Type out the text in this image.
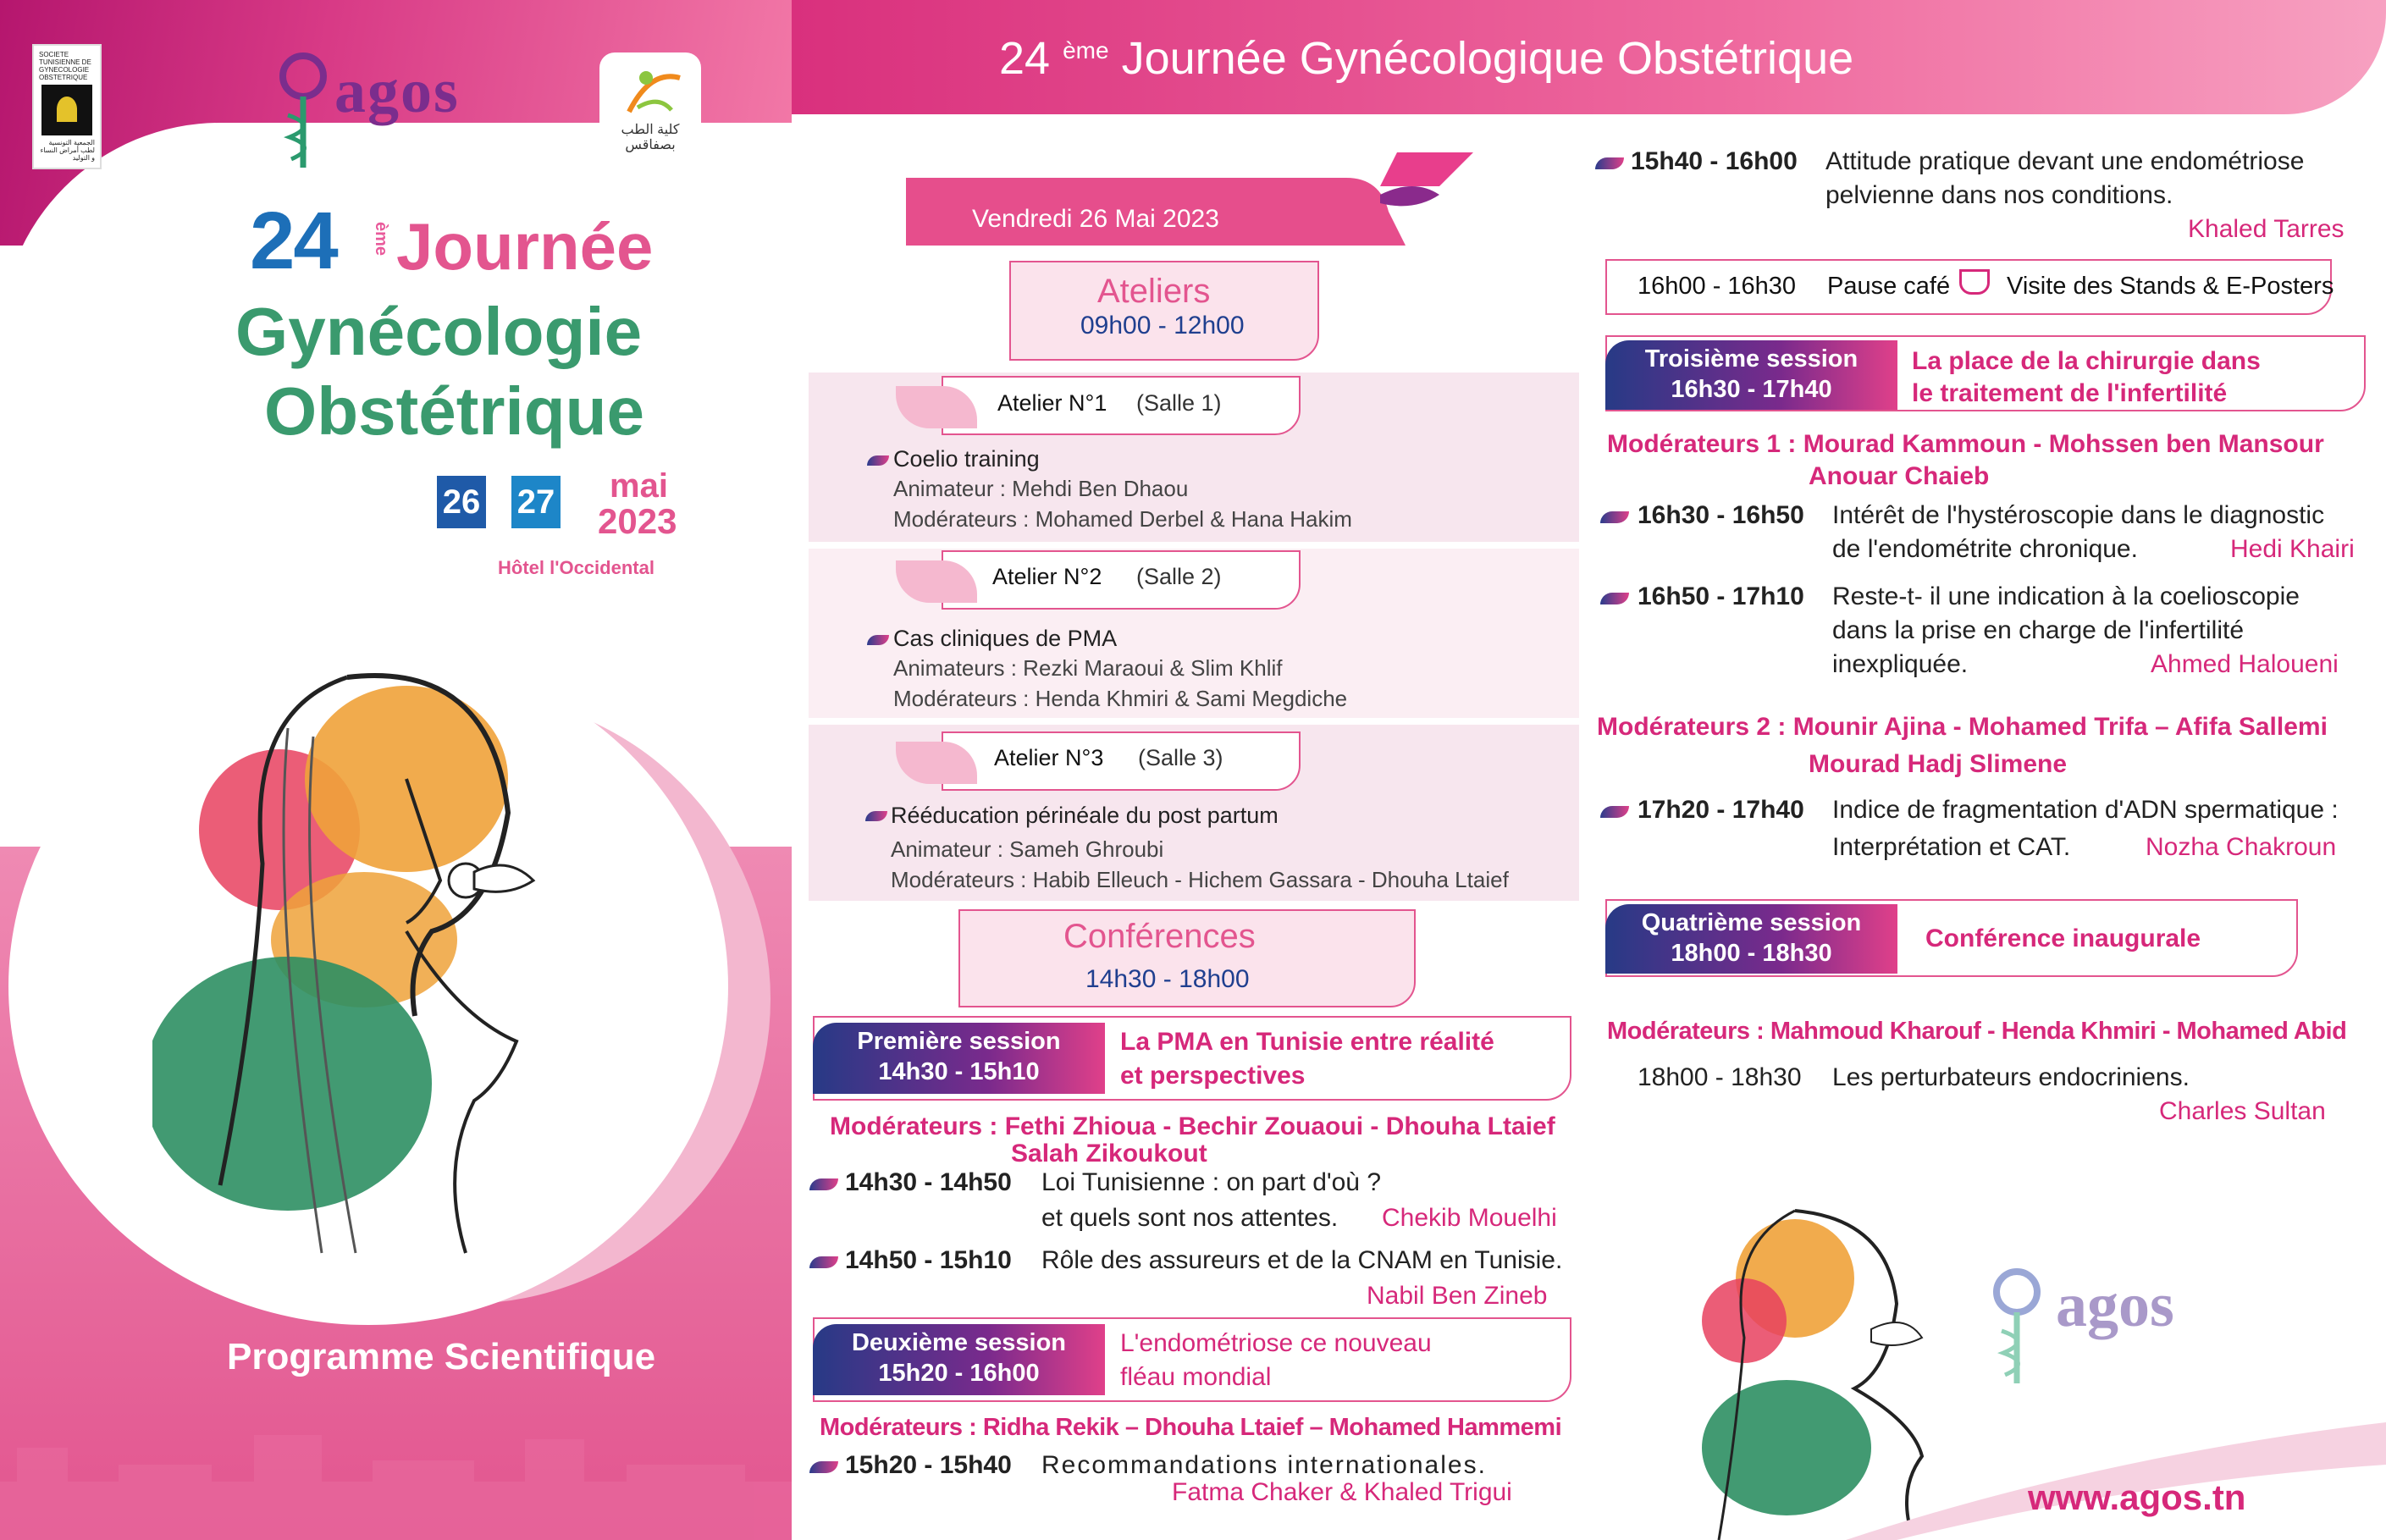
SOCIETE TUNISIENNE DE GYNECOLOGIE OBSTETRIQUE
الجمعية التونسية لطب أمراض النساء و التوليد
agos
كلية الطب بصفاقس
24 ème Journée
Gynécologie
Obstétrique
26 27 mai
2023
Hôtel l'Occidental
Programme Scientifique
24 $^{ème}$ Journée Gynécologique Obstétrique
Vendredi 26 Mai 2023
Ateliers
09h00 - 12h00
Atelier N°1 (Salle 1)
Coelio training
Animateur : Mehdi Ben Dhaou
Modérateurs : Mohamed Derbel & Hana Hakim
Atelier N°2 (Salle 2)
Cas cliniques de PMA
Animateurs : Rezki Maraoui & Slim Khlif
Modérateurs : Henda Khmiri & Sami Megdiche
Atelier N°3 (Salle 3)
Rééducation périnéale du post partum
Animateur : Sameh Ghroubi
Modérateurs : Habib Elleuch - Hichem Gassara - Dhouha Ltaief
Conférences
14h30 - 18h00
Première session
14h30 - 15h10
La PMA en Tunisie entre réalité
et perspectives
Modérateurs : Fethi Zhioua - Bechir Zouaoui - Dhouha Ltaief
Salah Zikoukout
14h30 - 14h50 Loi Tunisienne : on part d'où ?
et quels sont nos attentes. Chekib Mouelhi
14h50 - 15h10 Rôle des assureurs et de la CNAM en Tunisie.
Nabil Ben Zineb
Deuxième session
15h20 - 16h00
L'endométriose ce nouveau
fléau mondial
Modérateurs : Ridha Rekik – Dhouha Ltaief – Mohamed Hammemi
15h20 - 15h40 Recommandations internationales.
Fatma Chaker & Khaled Trigui
15h40 - 16h00 Attitude pratique devant une endométriose
pelvienne dans nos conditions.
Khaled Tarres
16h00 - 16h30 Pause café Visite des Stands & E-Posters
Troisième session
16h30 - 17h40
La place de la chirurgie dans
le traitement de l'infertilité
Modérateurs 1 : Mourad Kammoun - Mohssen ben Mansour
Anouar Chaieb
16h30 - 16h50 Intérêt de l'hystéroscopie dans le diagnostic
de l'endométrite chronique.	Hedi Khairi
16h50 - 17h10 Reste-t- il une indication à la coelioscopie
dans la prise en charge de l'infertilité
inexpliquée.	Ahmed Haloueni
Modérateurs 2 : Mounir Ajina - Mohamed Trifa – Afifa Sallemi
Mourad Hadj Slimene
17h20 - 17h40 Indice de fragmentation d'ADN spermatique :
Interprétation et CAT.	Nozha Chakroun
Quatrième session
18h00 - 18h30
Conférence inaugurale
Modérateurs : Mahmoud Kharouf - Henda Khmiri - Mohamed Abid
18h00 - 18h30 Les perturbateurs endocriniens.
Charles Sultan
agos
www.agos.tn
